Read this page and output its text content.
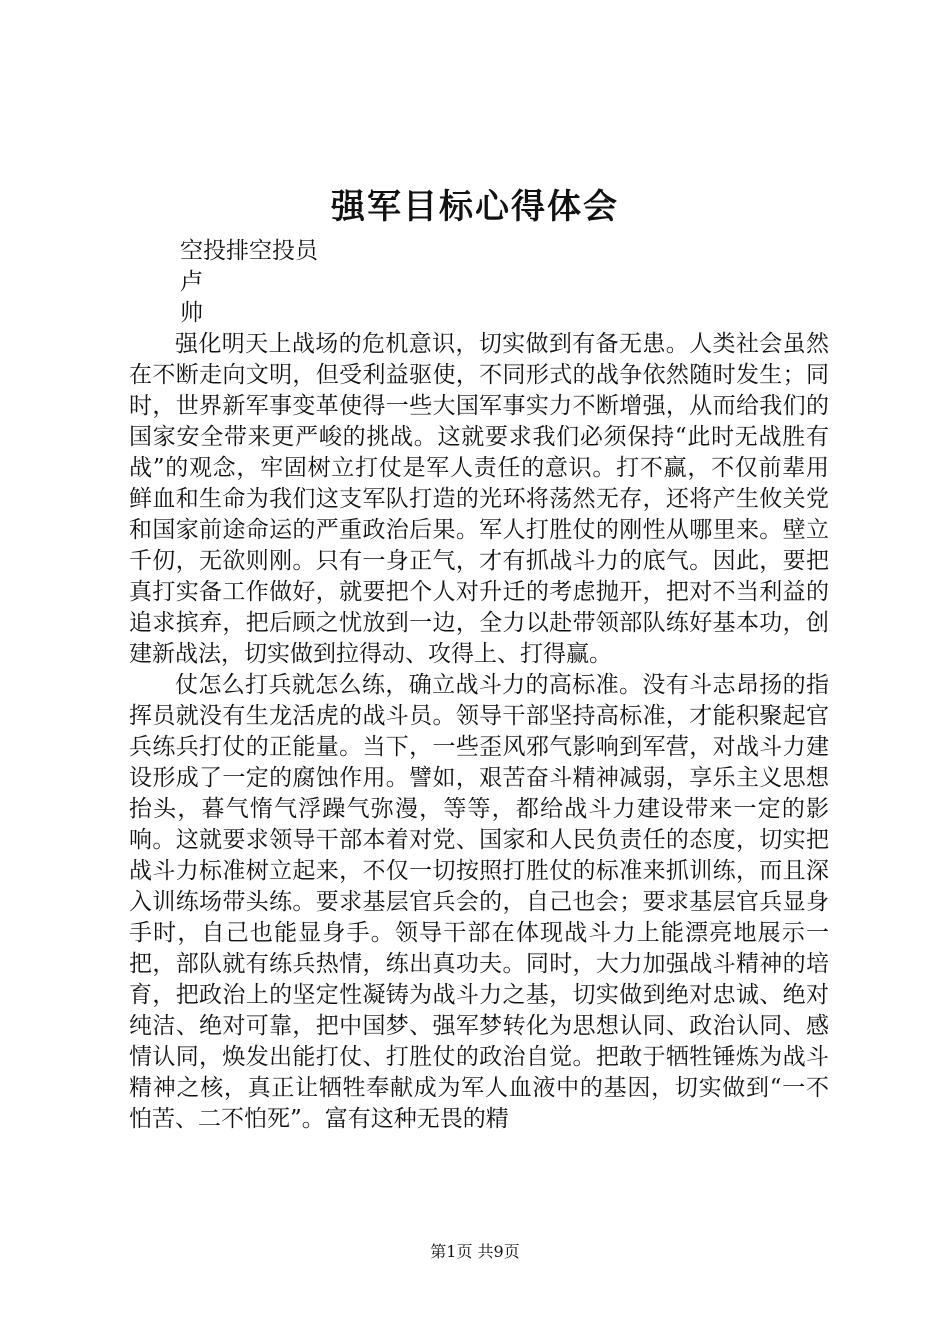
强军目标心得体会
空投排空投员
卢
帅

强化明天上战场的危机意识，切实做到有备无患。人类社会虽然在不断走向文明，但受利益驱使，不同形式的战争依然随时发生；同时，世界新军事变革使得一些大国军事实力不断增强，从而给我们的国家安全带来更严峻的挑战。这就要求我们必须保持“此时无战胜有战”的观念，牢固树立打仗是军人责任的意识。打不赢，不仅前辈用鲜血和生命为我们这支军队打造的光环将荡然无存，还将产生攸关党和国家前途命运的严重政治后果。军人打胜仗的刚性从哪里来。壁立千仞，无欲则刚。只有一身正气，才有抓战斗力的底气。因此，要把真打实备工作做好，就要把个人对升迁的考虑抛开，把对不当利益的追求摈弃，把后顾之忧放到一边，全力以赴带领部队练好基本功，创建新战法，切实做到拉得动、攻得上、打得赢。

仗怎么打兵就怎么练，确立战斗力的高标准。没有斗志昂扬的指挥员就没有生龙活虎的战斗员。领导干部坚持高标准，才能积聚起官兵练兵打仗的正能量。当下，一些歪风邪气影响到军营，对战斗力建设形成了一定的腐蚀作用。譬如，艰苦奋斗精神减弱，享乐主义思想抬头，暮气惰气浮躁气弥漫，等等，都给战斗力建设带来一定的影响。这就要求领导干部本着对党、国家和人民负责任的态度，切实把战斗力标准树立起来，不仅一切按照打胜仗的标准来抓训练，而且深入训练场带头练。要求基层官兵会的，自己也会；要求基层官兵显身手时，自己也能显身手。领导干部在体现战斗力上能漂亮地展示一把，部队就有练兵热情，练出真功夫。同时，大力加强战斗精神的培育，把政治上的坚定性凝铸为战斗力之基，切实做到绝对忠诚、绝对纯洁、绝对可靠，把中国梦、强军梦转化为思想认同、政治认同、感情认同，焕发出能打仗、打胜仗的政治自觉。把敢于牺牲锤炼为战斗精神之核，真正让牺牲奉献成为军人血液中的基因，切实做到“一不怕苦、二不怕死”。富有这种无畏的精

第1页 共9页
